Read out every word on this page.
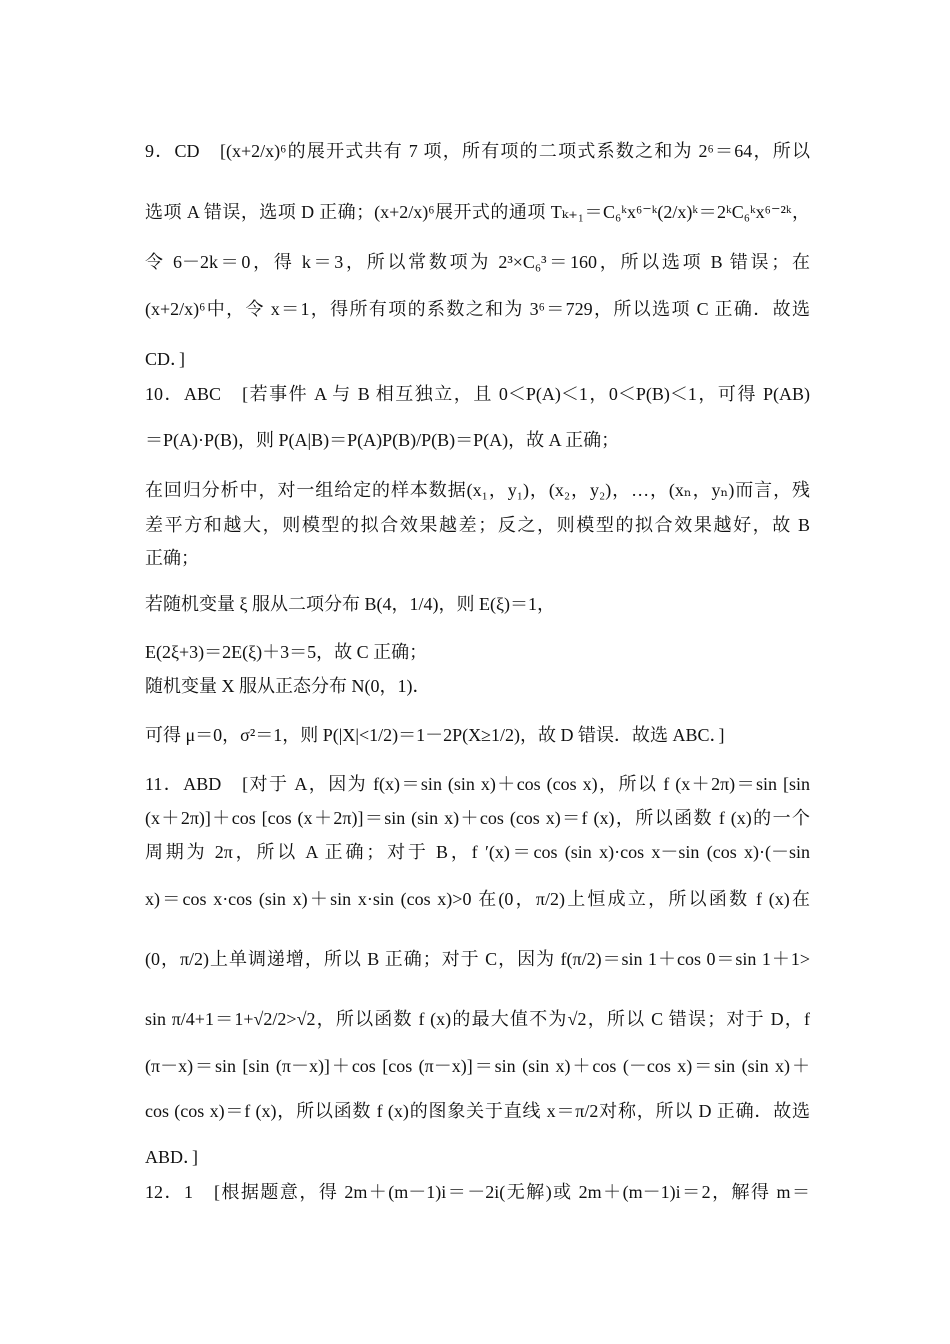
9．CD　[(x+2/x)⁶的展开式共有 7 项，所有项的二项式系数之和为 2⁶＝64，所以
选项 A 错误，选项 D 正确；(x+2/x)⁶展开式的通项 Tₖ₊₁＝C₆ᵏx⁶⁻ᵏ(2/x)ᵏ＝2ᵏC₆ᵏx⁶⁻²ᵏ，
令 6－2k＝0，得 k＝3，所以常数项为 2³×C₆³＝160，所以选项 B 错误；在
(x+2/x)⁶中，令 x＝1，得所有项的系数之和为 3⁶＝729，所以选项 C 正确．故选
CD．]
10．ABC　[若事件 A 与 B 相互独立，且 0＜P(A)＜1，0＜P(B)＜1，可得 P(AB)
＝P(A)·P(B)，则 P(A|B)＝P(A)P(B)/P(B)＝P(A)，故 A 正确；
在回归分析中，对一组给定的样本数据(x₁，y₁)，(x₂，y₂)，…，(xₙ，yₙ)而言，残
差平方和越大，则模型的拟合效果越差；反之，则模型的拟合效果越好，故 B
正确；
若随机变量 ξ 服从二项分布 B(4，1/4)，则 E(ξ)＝1，
E(2ξ+3)＝2E(ξ)＋3＝5，故 C 正确；
随机变量 X 服从正态分布 N(0，1)．
可得 μ＝0，σ²＝1，则 P(|X|<1/2)＝1－2P(X≥1/2)，故 D 错误．故选 ABC．]
11．ABD　[对于 A，因为 f(x)＝sin (sin x)＋cos (cos x)，所以 f (x＋2π)＝sin [sin
(x＋2π)]＋cos [cos (x＋2π)]＝sin (sin x)＋cos (cos x)＝f (x)，所以函数 f (x)的一个
周期为 2π，所以 A 正确；对于 B，f ′(x)＝cos (sin x)·cos x－sin (cos x)·(－sin
x)＝cos x·cos (sin x)＋sin x·sin (cos x)>0 在(0，π/2)上恒成立，所以函数 f (x)在
(0，π/2)上单调递增，所以 B 正确；对于 C，因为 f(π/2)＝sin 1＋cos 0＝sin 1＋1>
sin π/4+1＝1+√2/2>√2，所以函数 f (x)的最大值不为√2，所以 C 错误；对于 D，f
(π－x)＝sin [sin (π－x)]＋cos [cos (π－x)]＝sin (sin x)＋cos (－cos x)＝sin (sin x)＋
cos (cos x)＝f (x)，所以函数 f (x)的图象关于直线 x＝π/2对称，所以 D 正确．故选
ABD．]
12．1　[根据题意，得 2m＋(m－1)i＝－2i(无解)或 2m＋(m－1)i＝2，解得 m＝
